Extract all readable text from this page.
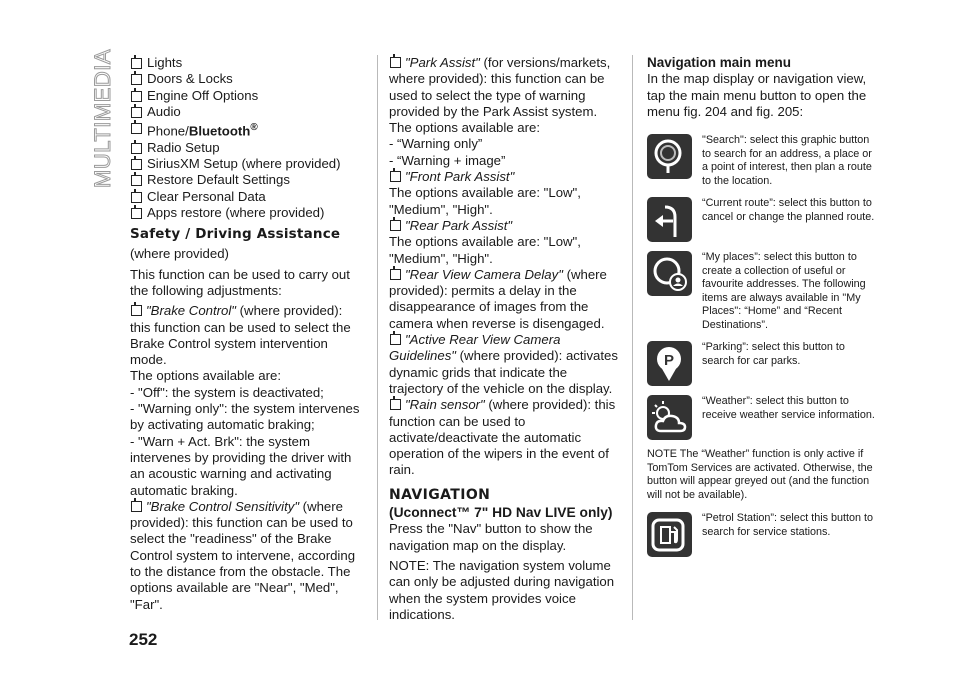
MULTIMEDIA Lights
Doors & Locks
Engine Off Options
Audio
Phone/Bluetooth®
Radio Setup
SiriusXM Setup (where provided)
Restore Default Settings
Clear Personal Data
Apps restore (where provided)
Safety / Driving Assistance

(where provided)

This function can be used to carry out the following adjustments:

"Brake Control" (where provided): this function can be used to select the Brake Control system intervention mode.

The options available are:

- "Off": the system is deactivated;

- "Warning only": the system intervenes by activating automatic braking;

- "Warn + Act. Brk": the system intervenes by providing the driver with an acoustic warning and activating automatic braking.

"Brake Control Sensitivity" (where provided): this function can be used to select the "readiness" of the Brake Control system to intervene, according to the distance from the obstacle. The options available are "Near", "Med", "Far".

"Park Assist" (for versions/markets, where provided): this function can be used to select the type of warning provided by the Park Assist system.

The options available are:

- “Warning only”

- “Warning + image”

"Front Park Assist"

The options available are: "Low", "Medium", "High".

"Rear Park Assist"

The options available are: "Low", "Medium", "High".

"Rear View Camera Delay" (where provided): permits a delay in the disappearance of images from the camera when reverse is disengaged.

"Active Rear View Camera Guidelines" (where provided): activates dynamic grids that indicate the trajectory of the vehicle on the display.

"Rain sensor" (where provided): this function can be used to activate/deactivate the automatic operation of the wipers in the event of rain.

NAVIGATION
(Uconnect™ 7" HD Nav LIVE only)

Press the "Nav" button to show the navigation map on the display.

NOTE: The navigation system volume can only be adjusted during navigation when the system provides voice indications.

Navigation main menu

In the map display or navigation view, tap the main menu button to open the menu fig. 204 and fig. 205:

"Search": select this graphic button to search for an address, a place or a point of interest, then plan a route to the location.
“Current route”: select this button to cancel or change the planned route.
“My places”: select this button to create a collection of useful or favourite addresses. The following items are always available in "My Places": “Home” and “Recent Destinations”.
P
“Parking”: select this button to search for car parks.
“Weather”: select this button to receive weather service information.

NOTE The “Weather” function is only active if TomTom Services are activated. Otherwise, the button will appear greyed out (and the function will not be available).

“Petrol Station”: select this button to search for service stations.
252
